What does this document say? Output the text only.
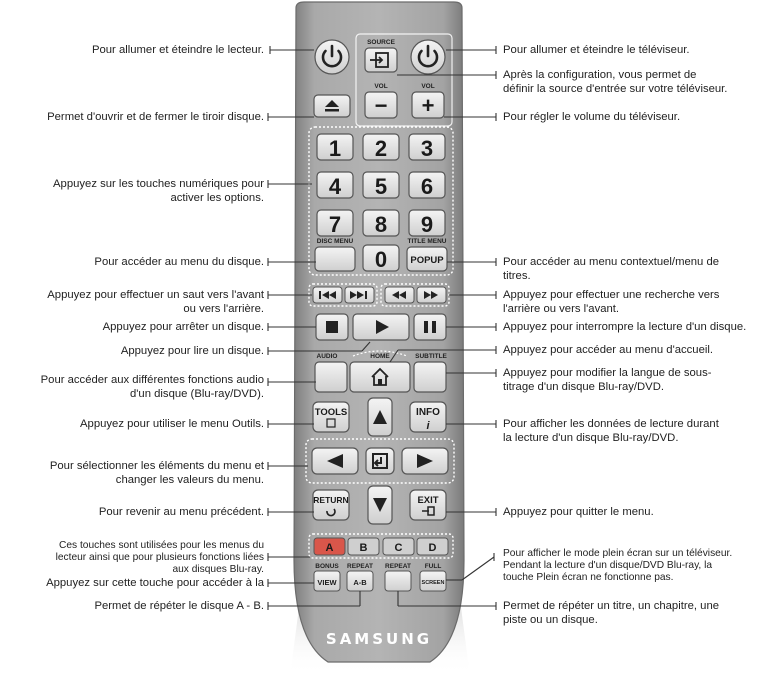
SOURCE
VOL	VOL
− +
1 2 3
4 5 6
7 8 9
0
DISC MENU	TITLE MENU
POPUP
AUDIO	HOME	SUBTITLE
TOOLS	INFO
i
RETURN	EXIT
A B C D
BONUS
VIEW
REPEAT
A-B
REPEAT FULL
SCREEN
SAMSUNG
Pour allumer et éteindre le lecteur.
Permet d'ouvrir et de fermer le tiroir disque.
Appuyez sur les touches numériques pour
activer les options.
Pour accéder au menu du disque.
Appuyez pour effectuer un saut vers l'avant
ou vers l'arrière.
Appuyez pour arrêter un disque.
Appuyez pour lire un disque.
Pour accéder aux différentes fonctions audio
d'un disque (Blu-ray/DVD).
Appuyez pour utiliser le menu Outils.
Pour sélectionner les éléments du menu et
changer les valeurs du menu.
Pour revenir au menu précédent.
Ces touches sont utilisées pour les menus du
lecteur ainsi que pour plusieurs fonctions liées
aux disques Blu-ray.
Appuyez sur cette touche pour accéder à la
Permet de répéter le disque A - B.
Pour allumer et éteindre le téléviseur.
Après la configuration, vous permet de
définir la source d'entrée sur votre téléviseur.
Pour régler le volume du téléviseur.
Pour accéder au menu contextuel/menu de
titres.
Appuyez pour effectuer une recherche vers
l'arrière ou vers l'avant.
Appuyez pour interrompre la lecture d'un disque.
Appuyez pour accéder au menu d'accueil.
Appuyez pour modifier la langue de sous-
titrage d'un disque Blu-ray/DVD.
Pour afficher les données de lecture durant
la lecture d'un disque Blu-ray/DVD.
Appuyez pour quitter le menu.
Pour afficher le mode plein écran sur un téléviseur.
Pendant la lecture d'un disque/DVD Blu-ray, la
touche Plein écran ne fonctionne pas.
Permet de répéter un titre, un chapitre, une
piste ou un disque.
